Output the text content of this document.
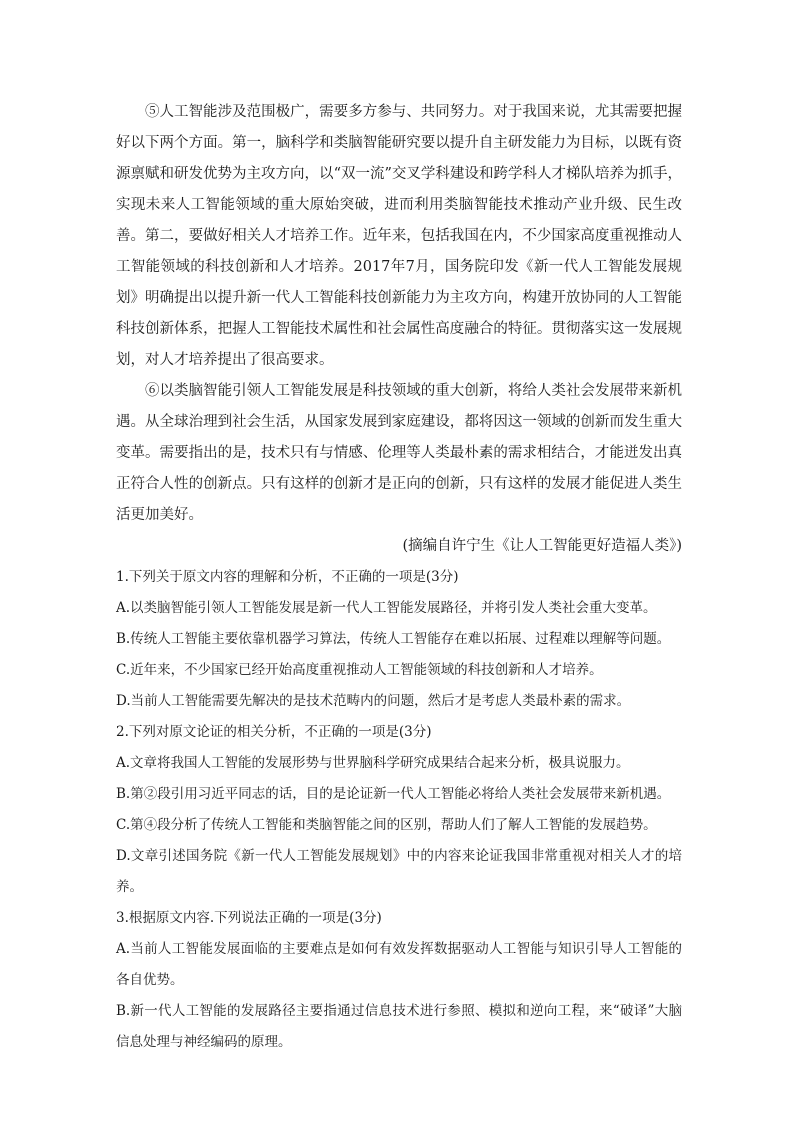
⑤人工智能涉及范围极广，需要多方参与、共同努力。对于我国来说，尤其需要把握好以下两个方面。第一，脑科学和类脑智能研究要以提升自主研发能力为目标，以既有资源禀赋和研发优势为主攻方向，以“双一流”交叉学科建设和跨学科人才梯队培养为抓手，实现未来人工智能领域的重大原始突破，进而利用类脑智能技术推动产业升级、民生改善。第二，要做好相关人才培养工作。近年来，包括我国在内，不少国家高度重视推动人工智能领域的科技创新和人才培养。2017年7月，国务院印发《新一代人工智能发展规划》明确提出以提升新一代人工智能科技创新能力为主攻方向，构建开放协同的人工智能科技创新体系，把握人工智能技术属性和社会属性高度融合的特征。贯彻落实这一发展规划，对人才培养提出了很高要求。

⑥以类脑智能引领人工智能发展是科技领域的重大创新，将给人类社会发展带来新机遇。从全球治理到社会生活，从国家发展到家庭建设，都将因这一领域的创新而发生重大变革。需要指出的是，技术只有与情感、伦理等人类最朴素的需求相结合，才能迸发出真正符合人性的创新点。只有这样的创新才是正向的创新，只有这样的发展才能促进人类生活更加美好。

(摘编自许宁生《让人工智能更好造福人类》)

1.下列关于原文内容的理解和分析，不正确的一项是(3分)

A.以类脑智能引领人工智能发展是新一代人工智能发展路径，并将引发人类社会重大变革。

B.传统人工智能主要依靠机器学习算法，传统人工智能存在难以拓展、过程难以理解等问题。

C.近年来，不少国家已经开始高度重视推动人工智能领域的科技创新和人才培养。

D.当前人工智能需要先解决的是技术范畴内的问题，然后才是考虑人类最朴素的需求。

2.下列对原文论证的相关分析，不正确的一项是(3分)

A.文章将我国人工智能的发展形势与世界脑科学研究成果结合起来分析，极具说服力。

B.第②段引用习近平同志的话，目的是论证新一代人工智能必将给人类社会发展带来新机遇。

C.第④段分析了传统人工智能和类脑智能之间的区别，帮助人们了解人工智能的发展趋势。

D.文章引述国务院《新一代人工智能发展规划》中的内容来论证我国非常重视对相关人才的培养。

3.根据原文内容.下列说法正确的一项是(3分)

A.当前人工智能发展面临的主要难点是如何有效发挥数据驱动人工智能与知识引导人工智能的各自优势。

B.新一代人工智能的发展路径主要指通过信息技术进行参照、模拟和逆向工程，来“破译”大脑信息处理与神经编码的原理。
